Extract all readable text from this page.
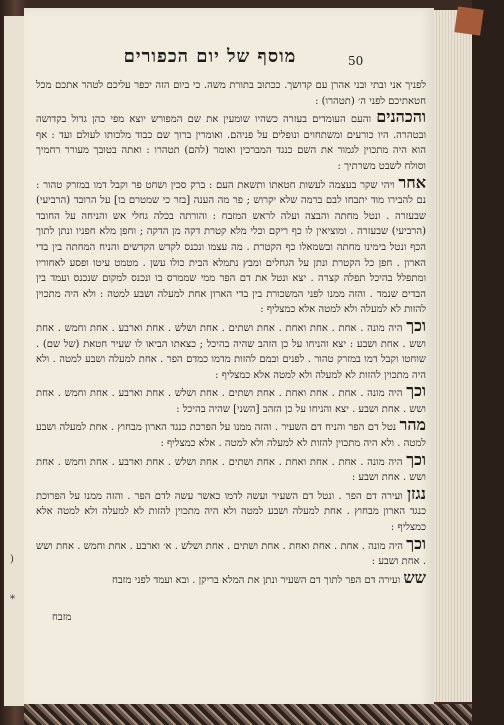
)
*
מוסף של יום הכפורים	50

לפניך אני ובתי ובני אהרן עם קדושך. ככתוב בתורת משה. כי ביום הזה יכפר עליכם לטהר אתכם מכל חטאתיכם לפני ה׳ (תטהרו) :

והכהנים והעם העומדים בעזרה כשהיו שומעין את שם המפורש יוצא מפי כהן גדול בקדושה ובטהרה. היו כורעים ומשתחוים ונופלים על פניהם. ואומרין ברוך שם כבוד מלכותו לעולם ועד : אף הוא היה מתכוין לגמור את השם כנגד המברכין ואומר (להם) תטהרו : ואתה בטובך מעורר רחמיך וסולח לשבט משרתיך :

אחר ויהי שקר בעצמה לעשות חטאתו ותשאת העם : ברק סכין ושחט פר וקבל דמו במזרק טהור : נם להבירו מוד יתבחו לבם ברמה שלא יקרוש ; פר מה הענה [בזר כי שמטרם בו] על הרובד (הרביעי) שבעזרה . ונטל מחתה והבצה ועלה לראש המזבח : והורתה בכלה גחלי אש והניחה על החובד (הרביעי) שבעזרה . ומוציאין לו כף ריקם וכלי מלא קטרת דקה מן הדקה ; וחפן מלא חפניו ונתן לתוך הכף ונטל בימינו מחתה ובשמאלו כף הקטרת . מה עצמו ונכנס לקדש הקדשים והניח המחתה בין בדי הארון . חפן כל הקטרת ונתן על הגחלים ומבץ נתמלא הבית כולו עשן . מטמט עיטו ופסע לאחוריו ומתפלל בהיכל תפלה קצרה . יצא ונטל את דם הפר ממי שממרס בו ונכנס למקום שנכנס ועמד בין הבדים שנמד . והזה ממנו לפני המשכורת בין בדי הארון אחת למעלה ושבע למטה : ולא היה מתכוין להזות לא למעלה ולא למטה אלא כמצליף :

וכך היה מונה . אחת . אחת ואחת . אחת ושתים . אחת ושלש . אחת וארבע . אחת וחמש . אחת ושש . אחת ושבע : יצא והניחו על כן הזהב שהיה בהיכל ; כצאתו הביאו לו שעיר חטאת (של שם) . שוחטו וקבל דמו במזרק טהור . לפנים ובמם להזות מדמו כמדם הפר . אחת למעלה ושבע למטה . ולא היה מתכוין להזות לא למעלה ולא למטה אלא כמצליף :

וכך היה מונה . אחת . אחת ואחת . אחת ושתים . אחת ושלש . אחת וארבע . אחת וחמש . אחת ושש . אחת ושבע . יצא והניחו על כן הזהב [השני] שהיה בהיכל :

מהר נטל דם הפר והניח דם השעיר . והזה ממנו על הפרכת כנגד הארון מבחוץ . אחת למעלה ושבע למטה . ולא היה מתכוין להזות לא למעלה ולא למטה . אלא כמצליף :

וכך היה מונה . אחת . אחת ואחת . אחת ושתים . אחת ושלש . אחת וארבע . אחת וחמש . אחת ושש . אחת ושבע :

נגזן ועירה דם הפר . ונטל דם השעיר ועשה לדמו כאשר עשה לדם הפר . והזה ממנו על הפרוכת כנגד הארון מבחוץ . אחת למעלה ושבע למטה ולא היה מתכוין להזות לא למעלה ולא למטה אלא כמצליף :

וכך היה מונה . אחת . אחת ואחת . אחת ושתים . אחת ושלש . א׳ וארבע . אחת וחמש . אחת ושש . אחת ושבע :

שש ועירה דם הפר לתוך דם השעיר ונתן את המלא בריקן . ובא ועמד לפני מזבח

מזבח
